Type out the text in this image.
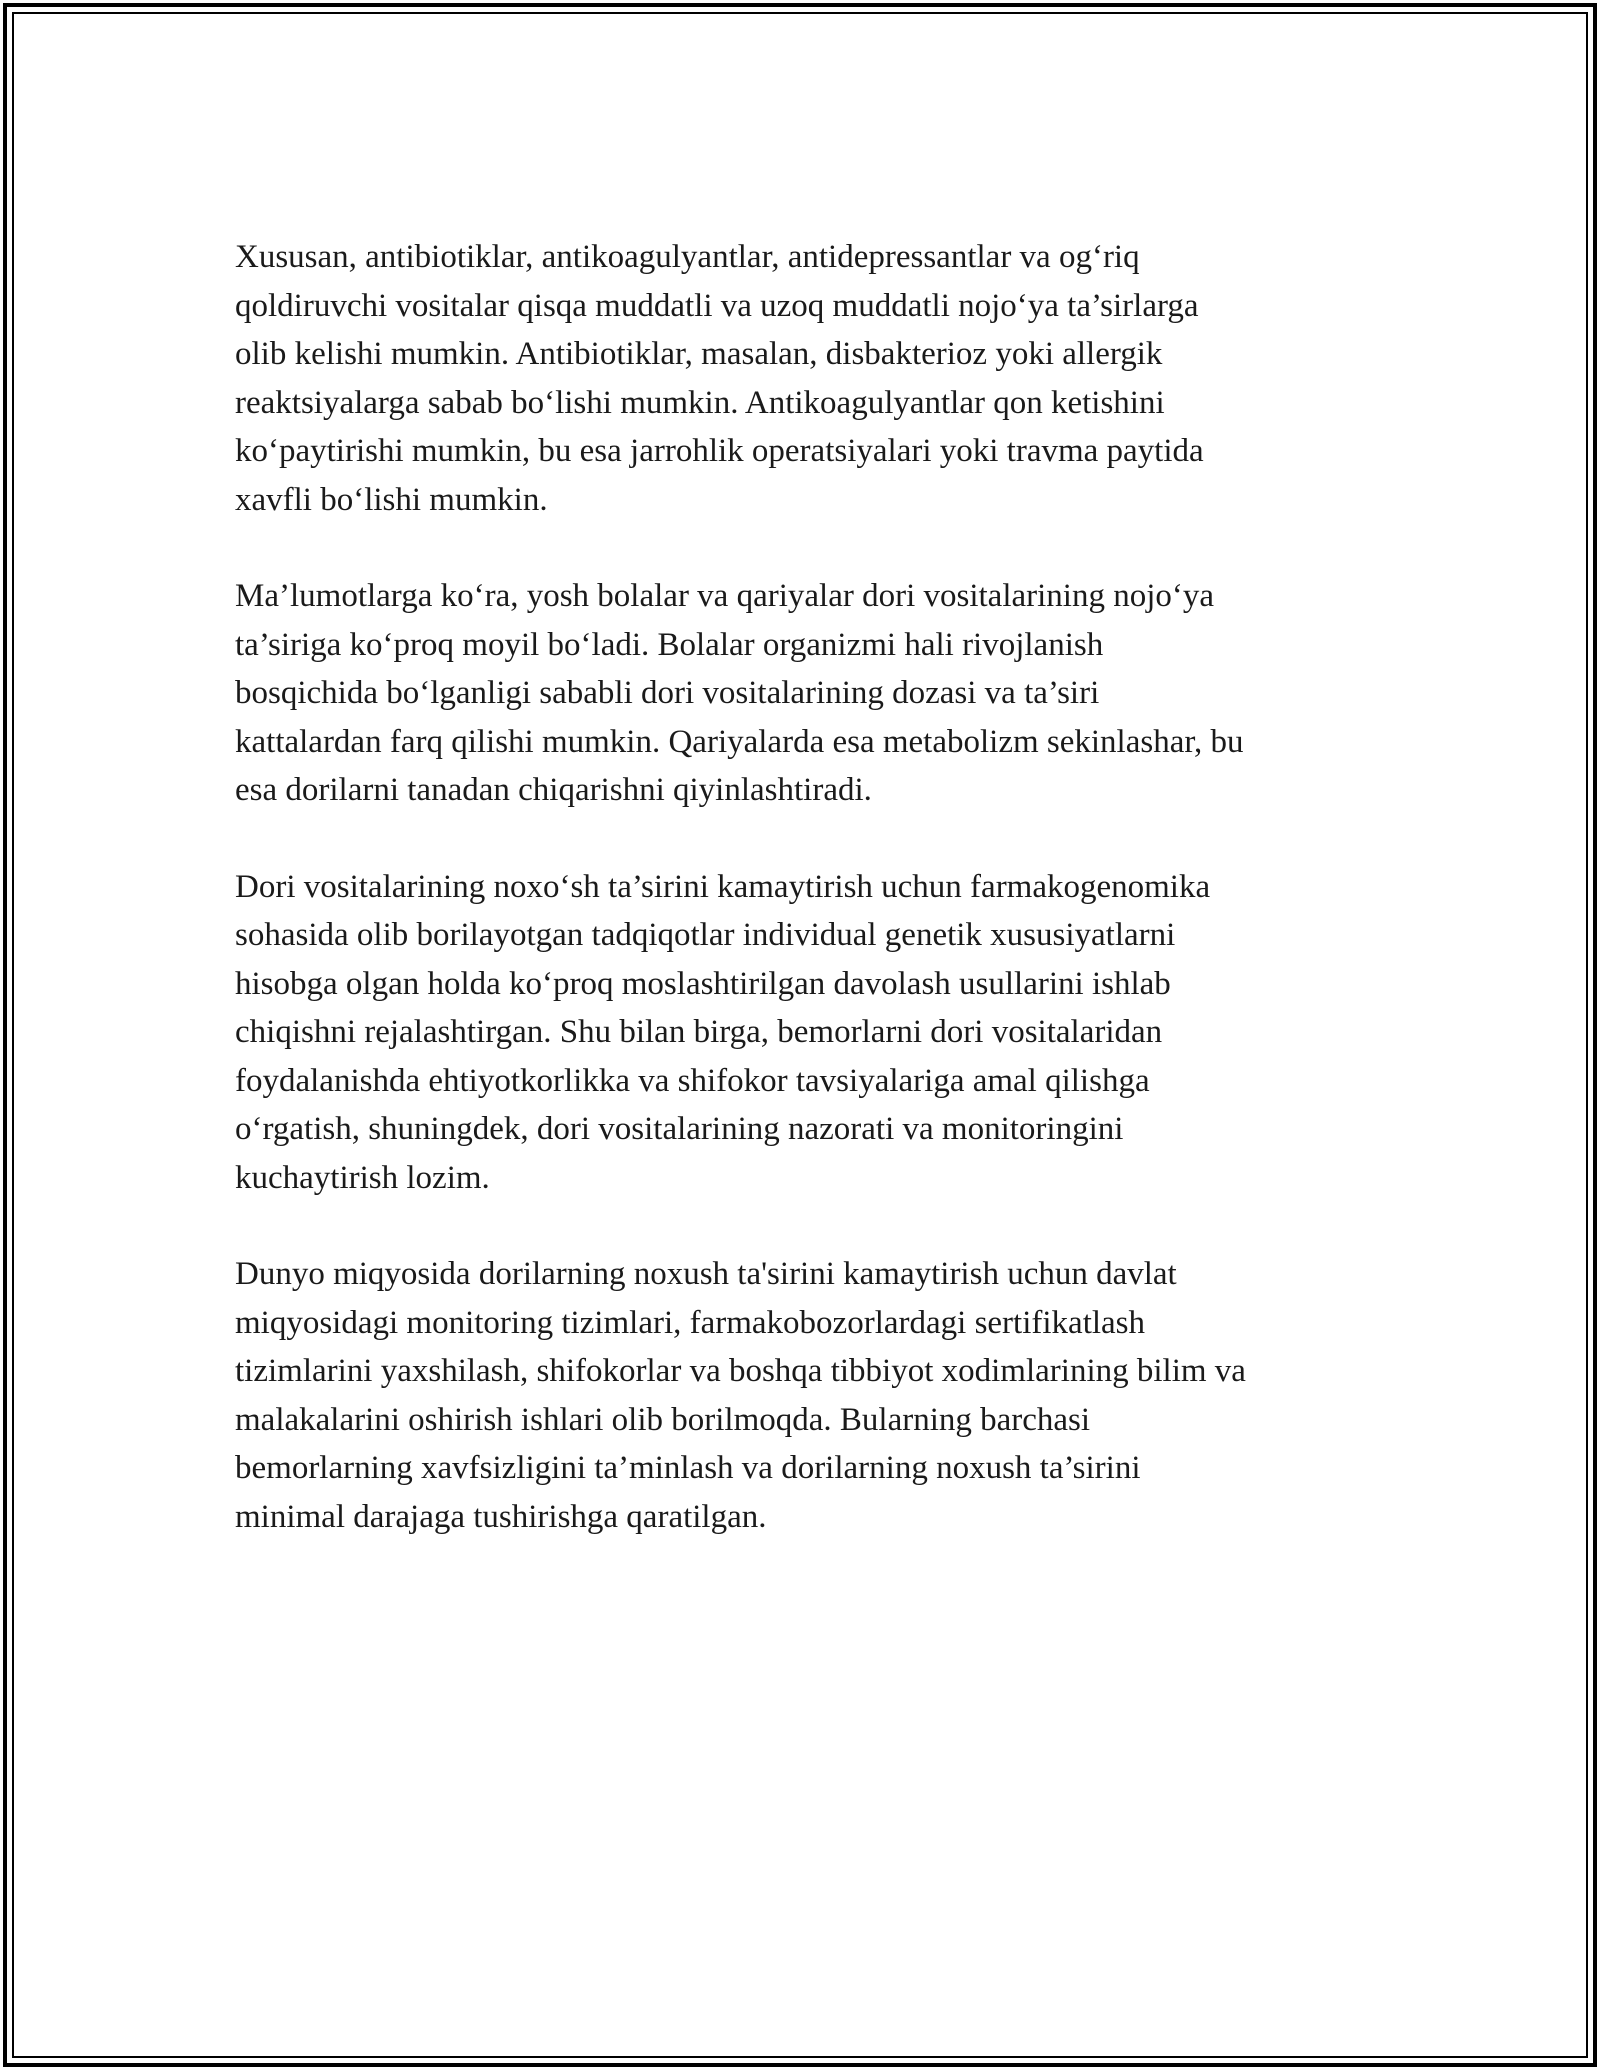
Xususan, antibiotiklar, antikoagulyantlar, antidepressantlar va og‘riq
qoldiruvchi vositalar qisqa muddatli va uzoq muddatli nojo‘ya ta’sirlarga
olib kelishi mumkin. Antibiotiklar, masalan, disbakterioz yoki allergik
reaktsiyalarga sabab bo‘lishi mumkin. Antikoagulyantlar qon ketishini
ko‘paytirishi mumkin, bu esa jarrohlik operatsiyalari yoki travma paytida
xavfli bo‘lishi mumkin.

Ma’lumotlarga ko‘ra, yosh bolalar va qariyalar dori vositalarining nojo‘ya
ta’siriga ko‘proq moyil bo‘ladi. Bolalar organizmi hali rivojlanish
bosqichida bo‘lganligi sababli dori vositalarining dozasi va ta’siri
kattalardan farq qilishi mumkin. Qariyalarda esa metabolizm sekinlashar, bu
esa dorilarni tanadan chiqarishni qiyinlashtiradi.

Dori vositalarining noxo‘sh ta’sirini kamaytirish uchun farmakogenomika
sohasida olib borilayotgan tadqiqotlar individual genetik xususiyatlarni
hisobga olgan holda ko‘proq moslashtirilgan davolash usullarini ishlab
chiqishni rejalashtirgan. Shu bilan birga, bemorlarni dori vositalaridan
foydalanishda ehtiyotkorlikka va shifokor tavsiyalariga amal qilishga
o‘rgatish, shuningdek, dori vositalarining nazorati va monitoringini
kuchaytirish lozim.

Dunyo miqyosida dorilarning noxush ta'sirini kamaytirish uchun davlat
miqyosidagi monitoring tizimlari, farmakobozorlardagi sertifikatlash
tizimlarini yaxshilash, shifokorlar va boshqa tibbiyot xodimlarining bilim va
malakalarini oshirish ishlari olib borilmoqda. Bularning barchasi
bemorlarning xavfsizligini ta’minlash va dorilarning noxush ta’sirini
minimal darajaga tushirishga qaratilgan.
